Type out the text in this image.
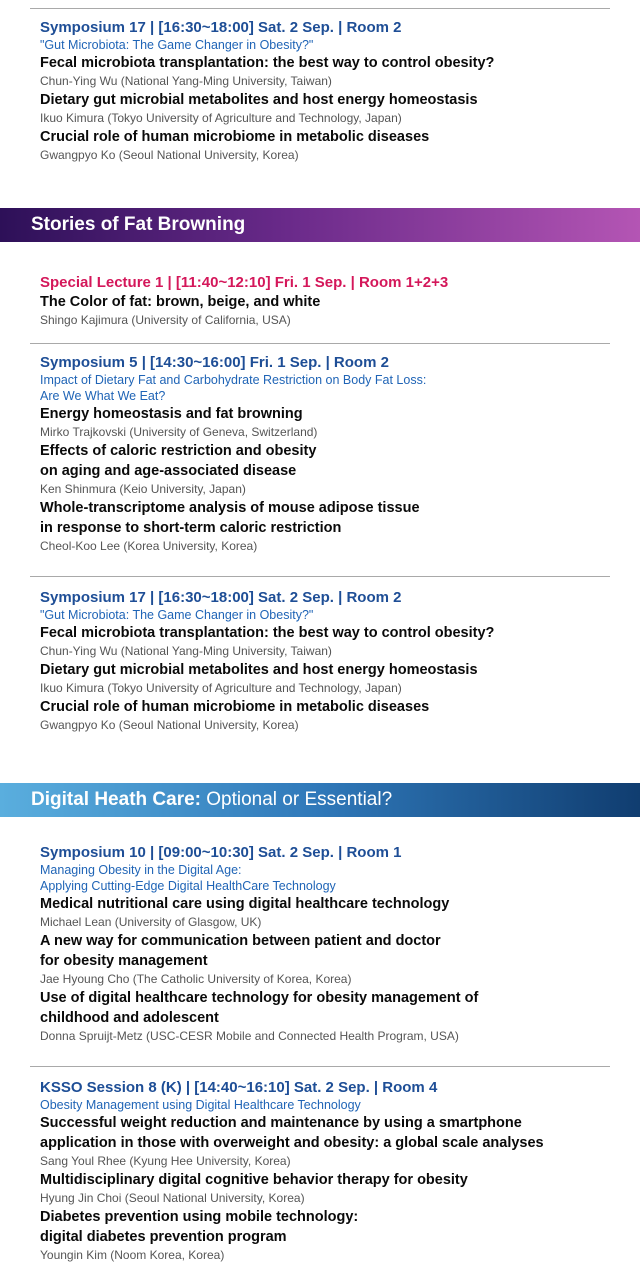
Symposium 17 | [16:30~18:00] Sat. 2 Sep. | Room 2
"Gut Microbiota: The Game Changer in Obesity?"
Fecal microbiota transplantation: the best way to control obesity?
Chun-Ying Wu (National Yang-Ming University, Taiwan)
Dietary gut microbial metabolites and host energy homeostasis
Ikuo Kimura (Tokyo University of Agriculture and Technology, Japan)
Crucial role of human microbiome in metabolic diseases
Gwangpyo Ko (Seoul National University, Korea)
Stories of Fat Browning
Special Lecture 1 | [11:40~12:10] Fri. 1 Sep. | Room 1+2+3
The Color of fat: brown, beige, and white
Shingo Kajimura (University of California, USA)
Symposium 5 | [14:30~16:00] Fri. 1 Sep. | Room 2
Impact of Dietary Fat and Carbohydrate Restriction on Body Fat Loss:
Are We What We Eat?
Energy homeostasis and fat browning
Mirko Trajkovski (University of Geneva, Switzerland)
Effects of caloric restriction and obesity
on aging and age-associated disease
Ken Shinmura (Keio University, Japan)
Whole-transcriptome analysis of mouse adipose tissue
in response to short-term caloric restriction
Cheol-Koo Lee (Korea University, Korea)
Symposium 17 | [16:30~18:00] Sat. 2 Sep. | Room 2
"Gut Microbiota: The Game Changer in Obesity?"
Fecal microbiota transplantation: the best way to control obesity?
Chun-Ying Wu (National Yang-Ming University, Taiwan)
Dietary gut microbial metabolites and host energy homeostasis
Ikuo Kimura (Tokyo University of Agriculture and Technology, Japan)
Crucial role of human microbiome in metabolic diseases
Gwangpyo Ko (Seoul National University, Korea)
Digital Heath Care: Optional or Essential?
Symposium 10 | [09:00~10:30] Sat. 2 Sep. | Room 1
Managing Obesity in the Digital Age:
Applying Cutting-Edge Digital HealthCare Technology
Medical nutritional care using digital healthcare technology
Michael Lean (University of Glasgow, UK)
A new way for communication between patient and doctor
for obesity management
Jae Hyoung Cho (The Catholic University of Korea, Korea)
Use of digital healthcare technology for obesity management of
childhood and adolescent
Donna Spruijt-Metz (USC-CESR Mobile and Connected Health Program, USA)
KSSO Session 8 (K) | [14:40~16:10] Sat. 2 Sep. | Room 4
Obesity Management using Digital Healthcare Technology
Successful weight reduction and maintenance by using a smartphone
application in those with overweight and obesity: a global scale analyses
Sang Youl Rhee (Kyung Hee University, Korea)
Multidisciplinary digital cognitive behavior therapy for obesity
Hyung Jin Choi (Seoul National University, Korea)
Diabetes prevention using mobile technology:
digital diabetes prevention program
Youngin Kim (Noom Korea, Korea)
